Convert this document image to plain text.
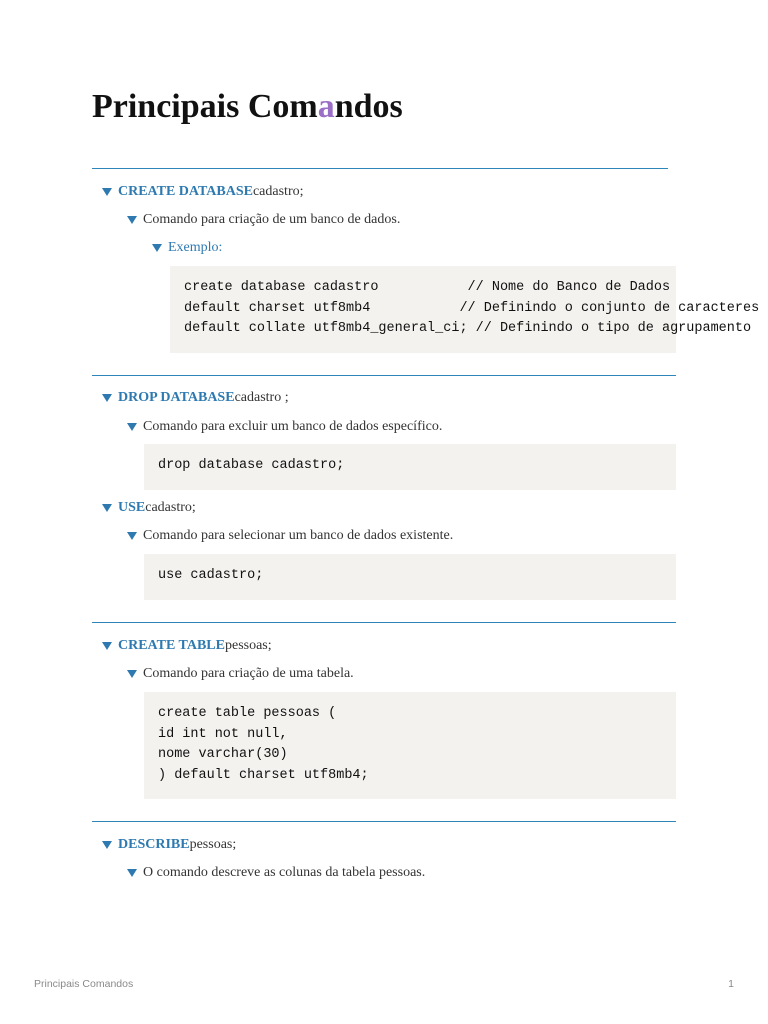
Principais Comandos
CREATE DATABASE cadastro;
Comando para criação de um banco de dados.
Exemplo:
create database cadastro           // Nome do Banco de Dados
default charset utf8mb4           // Definindo o conjunto de caracteres
default collate utf8mb4_general_ci; // Definindo o tipo de agrupamento
DROP DATABASE cadastro ;
Comando para excluir um banco de dados específico.
drop database cadastro;
USE cadastro;
Comando para selecionar um banco de dados existente.
use cadastro;
CREATE TABLE pessoas;
Comando para criação de uma tabela.
create table pessoas (
id int not null,
nome varchar(30)
) default charset utf8mb4;
DESCRIBE pessoas;
O comando descreve as colunas da tabela pessoas.
Principais Comandos	1
